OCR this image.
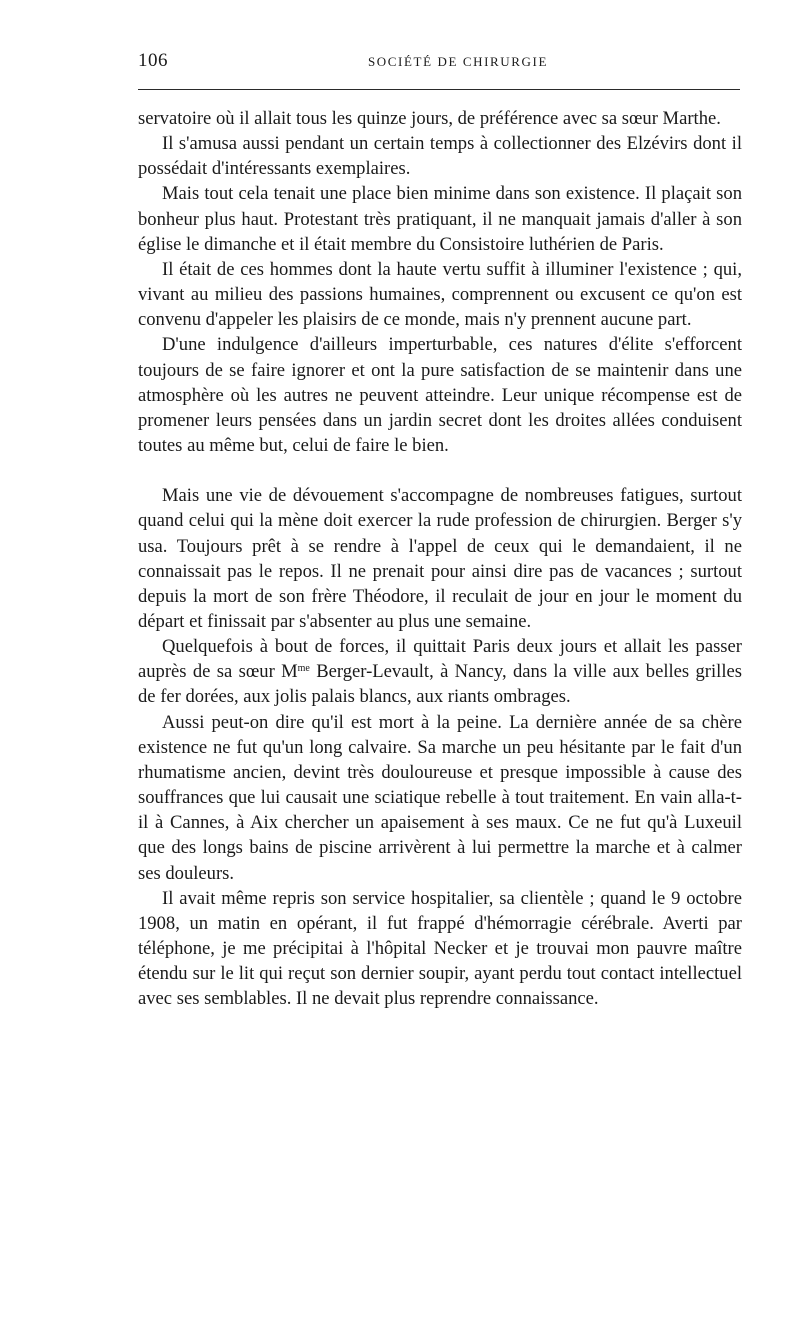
106	SOCIÉTÉ DE CHIRURGIE

servatoire où il allait tous les quinze jours, de préférence avec sa sœur Marthe.

Il s'amusa aussi pendant un certain temps à collectionner des Elzévirs dont il possédait d'intéressants exemplaires.

Mais tout cela tenait une place bien minime dans son existence. Il plaçait son bonheur plus haut. Protestant très pratiquant, il ne manquait jamais d'aller à son église le dimanche et il était membre du Consistoire luthérien de Paris.

Il était de ces hommes dont la haute vertu suffit à illuminer l'existence ; qui, vivant au milieu des passions humaines, comprennent ou excusent ce qu'on est convenu d'appeler les plaisirs de ce monde, mais n'y prennent aucune part.

D'une indulgence d'ailleurs imperturbable, ces natures d'élite s'efforcent toujours de se faire ignorer et ont la pure satisfaction de se maintenir dans une atmosphère où les autres ne peuvent atteindre. Leur unique récompense est de promener leurs pensées dans un jardin secret dont les droites allées conduisent toutes au même but, celui de faire le bien.

Mais une vie de dévouement s'accompagne de nombreuses fatigues, surtout quand celui qui la mène doit exercer la rude profession de chirurgien. Berger s'y usa. Toujours prêt à se rendre à l'appel de ceux qui le demandaient, il ne connaissait pas le repos. Il ne prenait pour ainsi dire pas de vacances ; surtout depuis la mort de son frère Théodore, il reculait de jour en jour le moment du départ et finissait par s'absenter au plus une semaine.

Quelquefois à bout de forces, il quittait Paris deux jours et allait les passer auprès de sa sœur $M^{me}$ Berger-Levault, à Nancy, dans la ville aux belles grilles de fer dorées, aux jolis palais blancs, aux riants ombrages.

Aussi peut-on dire qu'il est mort à la peine. La dernière année de sa chère existence ne fut qu'un long calvaire. Sa marche un peu hésitante par le fait d'un rhumatisme ancien, devint très douloureuse et presque impossible à cause des souffrances que lui causait une sciatique rebelle à tout traitement. En vain alla-t-il à Cannes, à Aix chercher un apaisement à ses maux. Ce ne fut qu'à Luxeuil que des longs bains de piscine arrivèrent à lui permettre la marche et à calmer ses douleurs.

Il avait même repris son service hospitalier, sa clientèle ; quand le 9 octobre 1908, un matin en opérant, il fut frappé d'hémorragie cérébrale. Averti par téléphone, je me précipitai à l'hôpital Necker et je trouvai mon pauvre maître étendu sur le lit qui reçut son dernier soupir, ayant perdu tout contact intellectuel avec ses semblables. Il ne devait plus reprendre connaissance.
